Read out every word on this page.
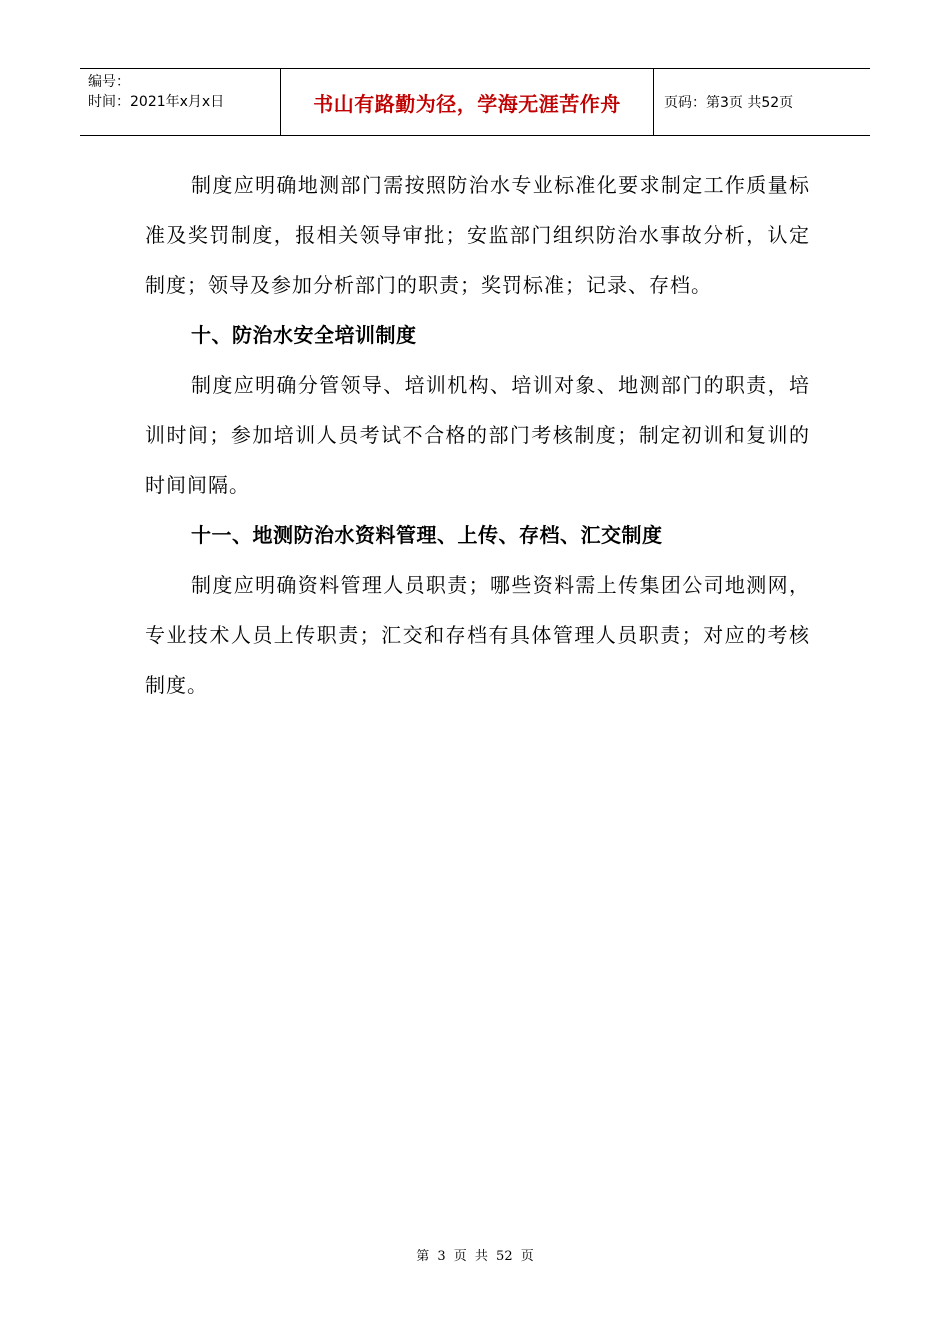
编号：
时间：2021年x月x日	书山有路勤为径，学海无涯苦作舟	页码：第3页 共52页

制度应明确地测部门需按照防治水专业标准化要求制定工作质量标准及奖罚制度，报相关领导审批；安监部门组织防治水事故分析，认定制度；领导及参加分析部门的职责；奖罚标准；记录、存档。

十、防治水安全培训制度

制度应明确分管领导、培训机构、培训对象、地测部门的职责，培训时间；参加培训人员考试不合格的部门考核制度；制定初训和复训的时间间隔。

十一、地测防治水资料管理、上传、存档、汇交制度

制度应明确资料管理人员职责；哪些资料需上传集团公司地测网，专业技术人员上传职责；汇交和存档有具体管理人员职责；对应的考核制度。

第 3 页 共 52 页
